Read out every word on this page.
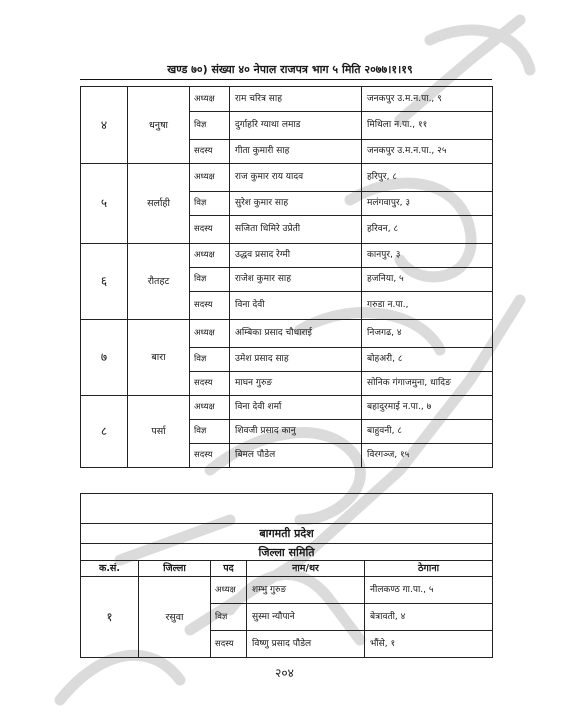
खण्ड ७०) संख्या ४० नेपाल राजपत्र भाग ५ मिति २०७७।१।१९
४	धनुषा	अध्यक्ष	राम चरित्र साह	जनकपुर उ.म.न.पा., ९
		विज्ञ	दुर्गाहरि ग्याथा लमाड	मिथिला न.पा., ११
		सदस्य	गीता कुमारी साह	जनकपुर उ.म.न.पा., २५
५	सर्लाही	अध्यक्ष	राज कुमार राय यादव	हरिपुर, ८
		विज्ञ	सुरेश कुमार साह	मलंगवापुर, ३
		सदस्य	सजिता धिमिरे उप्रेती	हरिवन, ८
६	रौतहट	अध्यक्ष	उद्धव प्रसाद रेग्मी	कानपुर, ३
		विज्ञ	राजेश कुमार साह	हजनिया, ५
		सदस्य	विना देवी	गरुडा न.पा.,
७	बारा	अध्यक्ष	अम्बिका प्रसाद चौधाराई	निजगढ, ४
		विज्ञ	उमेश प्रसाद साह	बोहअरी, ८
		सदस्य	माघन गुरुङ	सोनिक गंगाजमुना, धादिङ
८	पर्सा	अध्यक्ष	विना देवी शर्मा	बहादुरमाई न.पा., ७
		विज्ञ	शिवजी प्रसाद कानु	बाहुवनी, ८
		सदस्य	बिमल पौडेल	विरगञ्ज, १५

बागमती प्रदेश				
जिल्ला समिति				
क.सं.	जिल्ला	पद	नाम/थर	ठेगाना
१	रसुवा	अध्यक्ष	शम्भु गुरुङ	नीलकण्ठ गा.पा., ५
		विज्ञ	सुस्मा न्यौपाने	बेत्रावती, ४
		सदस्य	विष्णु प्रसाद पौडेल	भौंसे, १
२०४
